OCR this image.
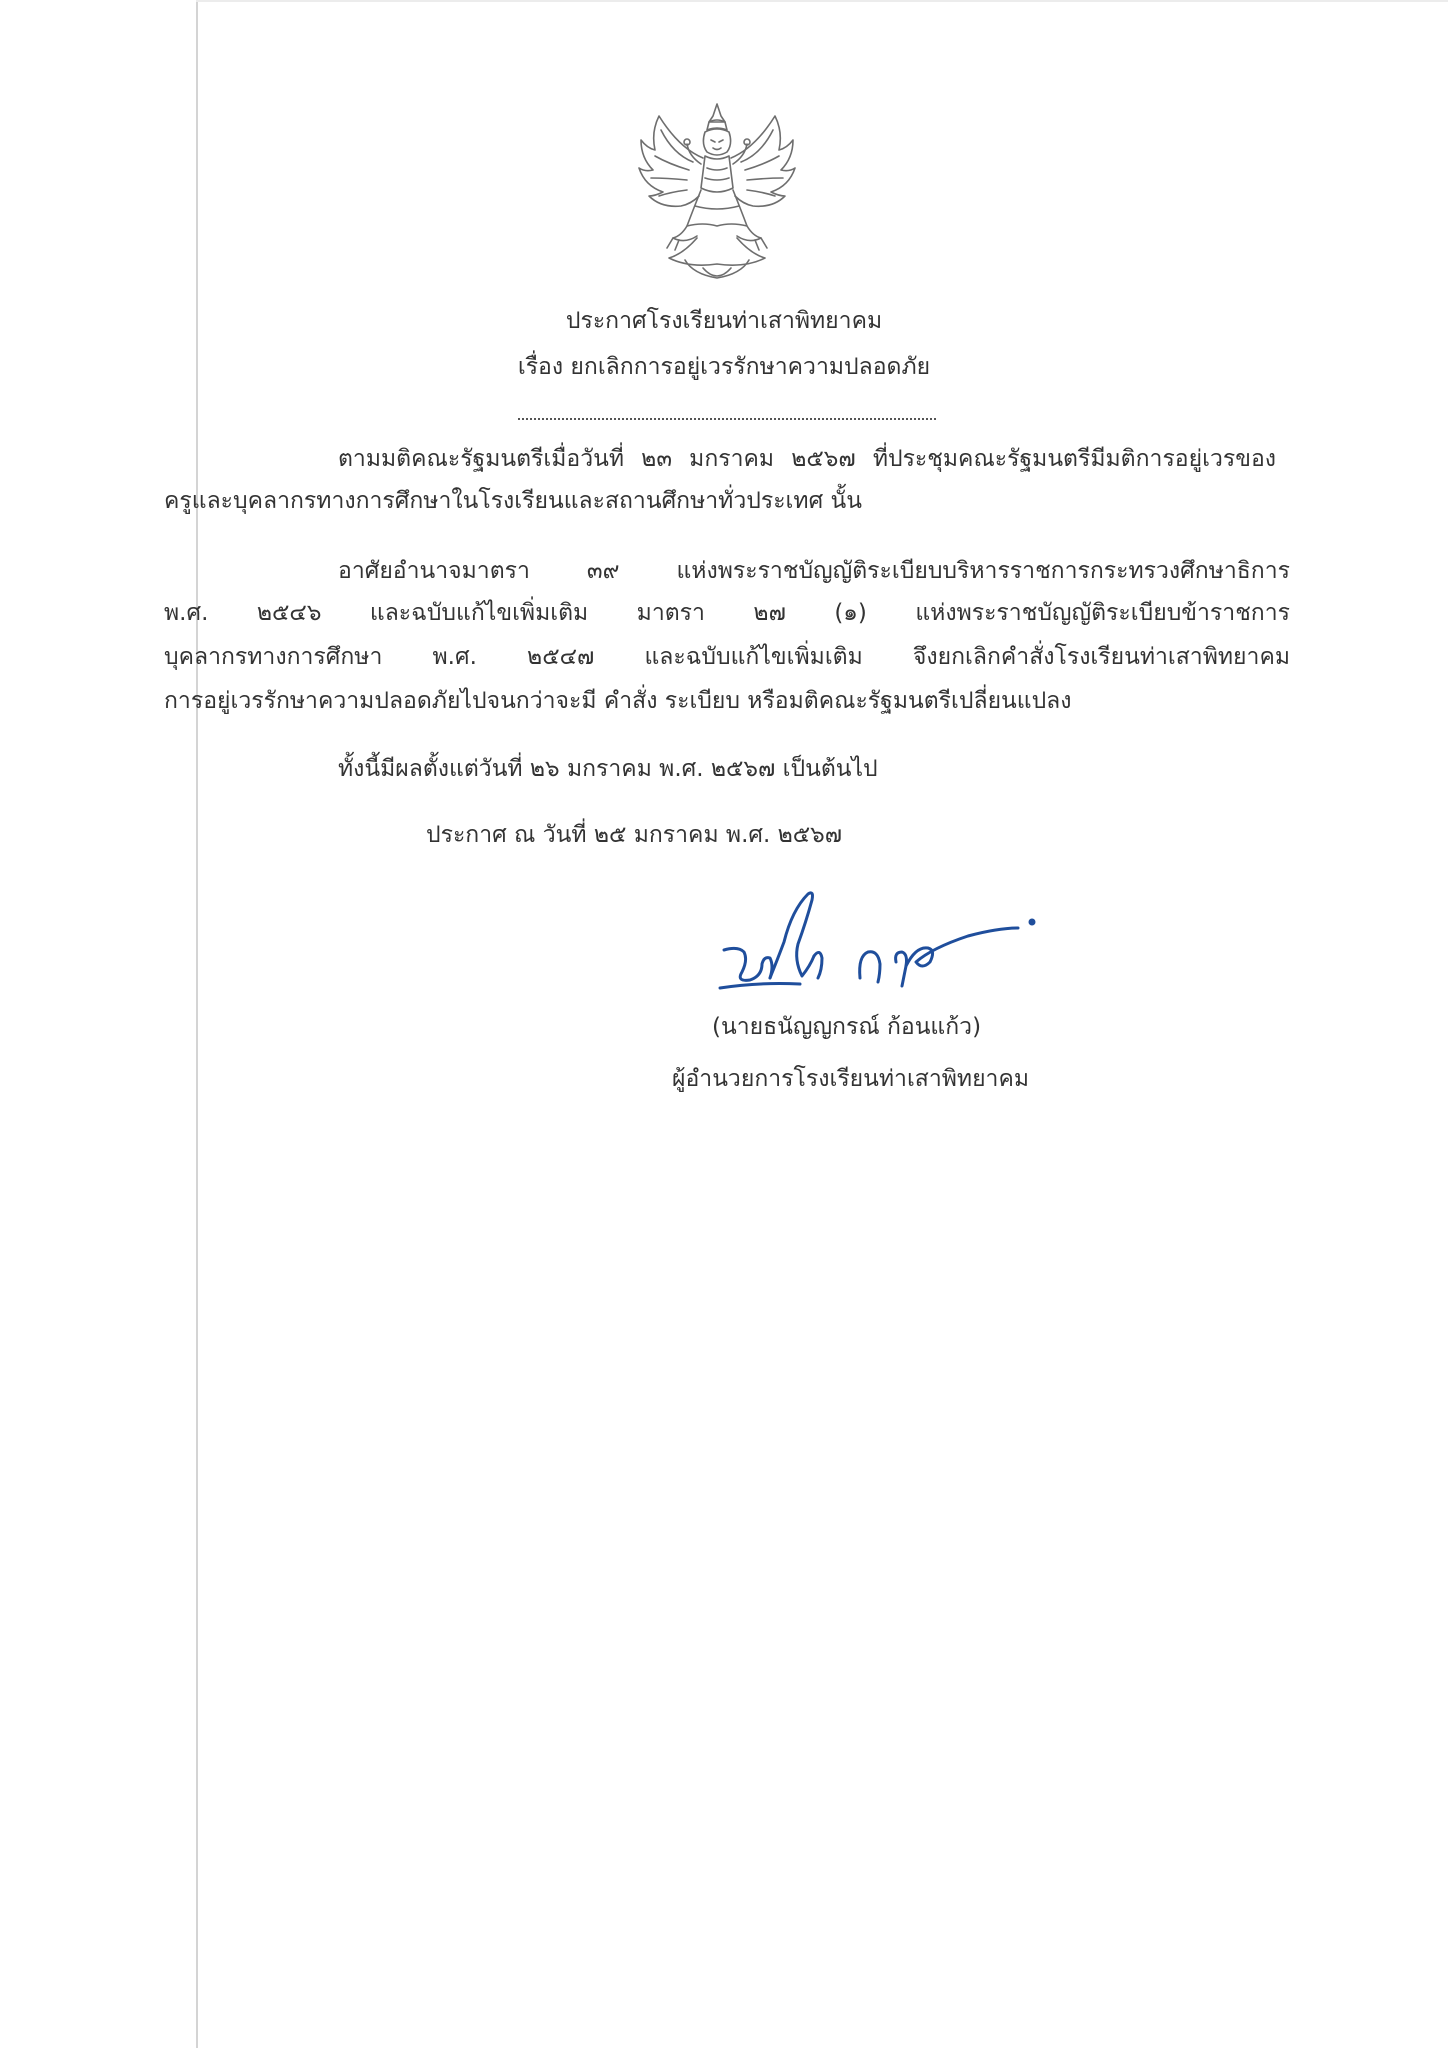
ประกาศโรงเรียนท่าเสาพิทยาคม
เรื่อง ยกเลิกการอยู่เวรรักษาความปลอดภัย
ตามมติคณะรัฐมนตรีเมื่อวันที่ ๒๓ มกราคม ๒๕๖๗ ที่ประชุมคณะรัฐมนตรีมีมติการอยู่เวรของ
ครูและบุคลากรทางการศึกษาในโรงเรียนและสถานศึกษาทั่วประเทศ นั้น
อาศัยอำนาจมาตรา ๓๙ แห่งพระราชบัญญัติระเบียบบริหารราชการกระทรวงศึกษาธิการ
พ.ศ. ๒๕๔๖ และฉบับแก้ไขเพิ่มเติม มาตรา ๒๗ (๑) แห่งพระราชบัญญัติระเบียบข้าราชการ
บุคลากรทางการศึกษา พ.ศ. ๒๕๔๗ และฉบับแก้ไขเพิ่มเติม จึงยกเลิกคำสั่งโรงเรียนท่าเสาพิทยาคม
การอยู่เวรรักษาความปลอดภัยไปจนกว่าจะมี คำสั่ง ระเบียบ หรือมติคณะรัฐมนตรีเปลี่ยนแปลง
ทั้งนี้มีผลตั้งแต่วันที่ ๒๖ มกราคม พ.ศ. ๒๕๖๗ เป็นต้นไป
ประกาศ ณ วันที่ ๒๕ มกราคม พ.ศ. ๒๕๖๗
(นายธนัญญกรณ์ ก้อนแก้ว)
ผู้อำนวยการโรงเรียนท่าเสาพิทยาคม
